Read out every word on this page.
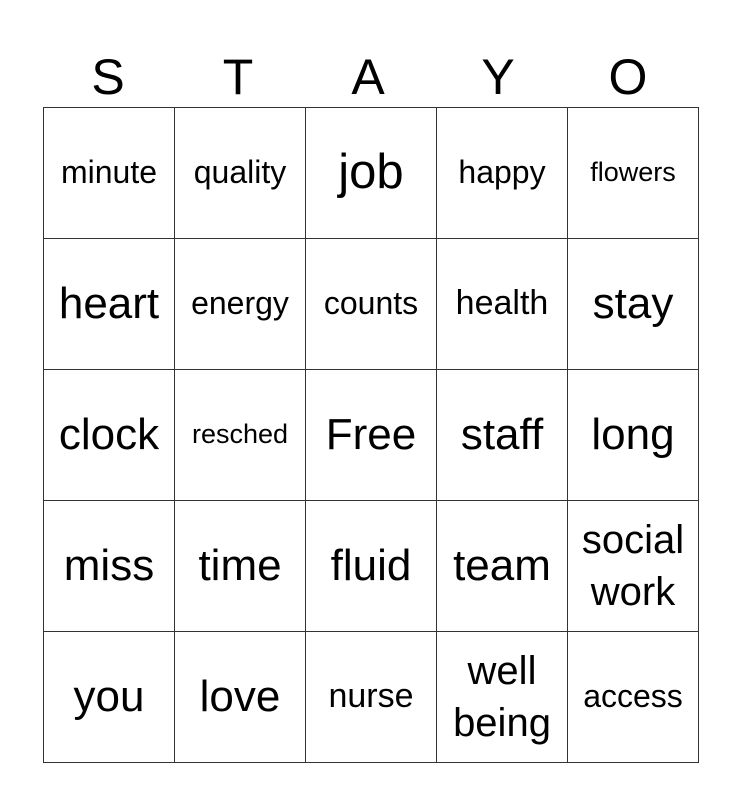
S	T	A	Y	O
minute	quality	job	happy	flowers
heart	energy	counts	health	stay
clock	resched	Free	staff	long
miss	time	fluid	team	social work
you	love	nurse	well being	access
